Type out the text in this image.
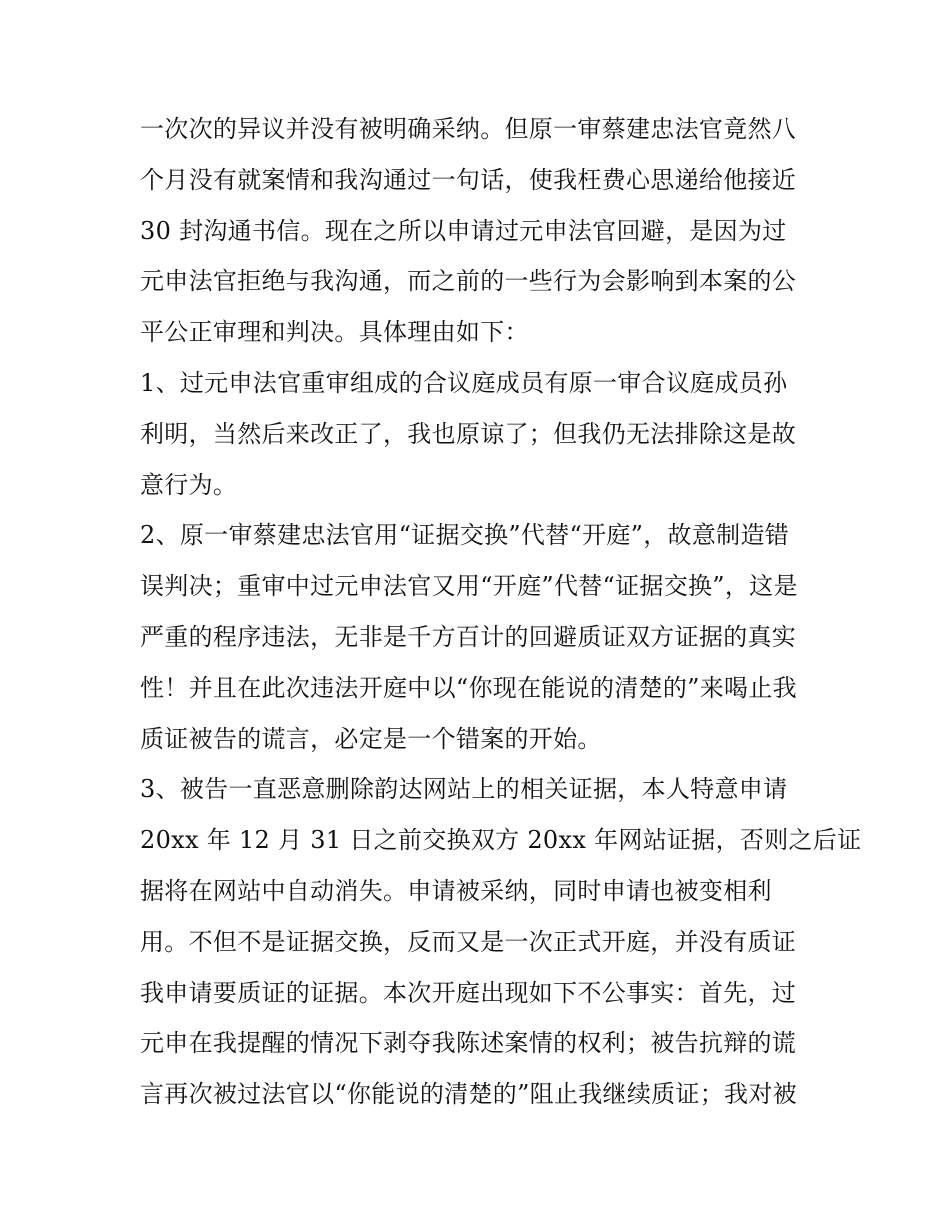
一次次的异议并没有被明确采纳。但原一审蔡建忠法官竟然八
个月没有就案情和我沟通过一句话，使我枉费心思递给他接近
30 封沟通书信。现在之所以申请过元申法官回避，是因为过
元申法官拒绝与我沟通，而之前的一些行为会影响到本案的公
平公正审理和判决。具体理由如下：
1、过元申法官重审组成的合议庭成员有原一审合议庭成员孙
利明，当然后来改正了，我也原谅了；但我仍无法排除这是故
意行为。
2、原一审蔡建忠法官用“证据交换”代替“开庭”，故意制造错
误判决；重审中过元申法官又用“开庭”代替“证据交换”，这是
严重的程序违法，无非是千方百计的回避质证双方证据的真实
性！并且在此次违法开庭中以“你现在能说的清楚的”来喝止我
质证被告的谎言，必定是一个错案的开始。
3、被告一直恶意删除韵达网站上的相关证据，本人特意申请
20xx 年 12 月 31 日之前交换双方 20xx 年网站证据，否则之后证
据将在网站中自动消失。申请被采纳，同时申请也被变相利
用。不但不是证据交换，反而又是一次正式开庭，并没有质证
我申请要质证的证据。本次开庭出现如下不公事实：首先，过
元申在我提醒的情况下剥夺我陈述案情的权利；被告抗辩的谎
言再次被过法官以“你能说的清楚的”阻止我继续质证；我对被
